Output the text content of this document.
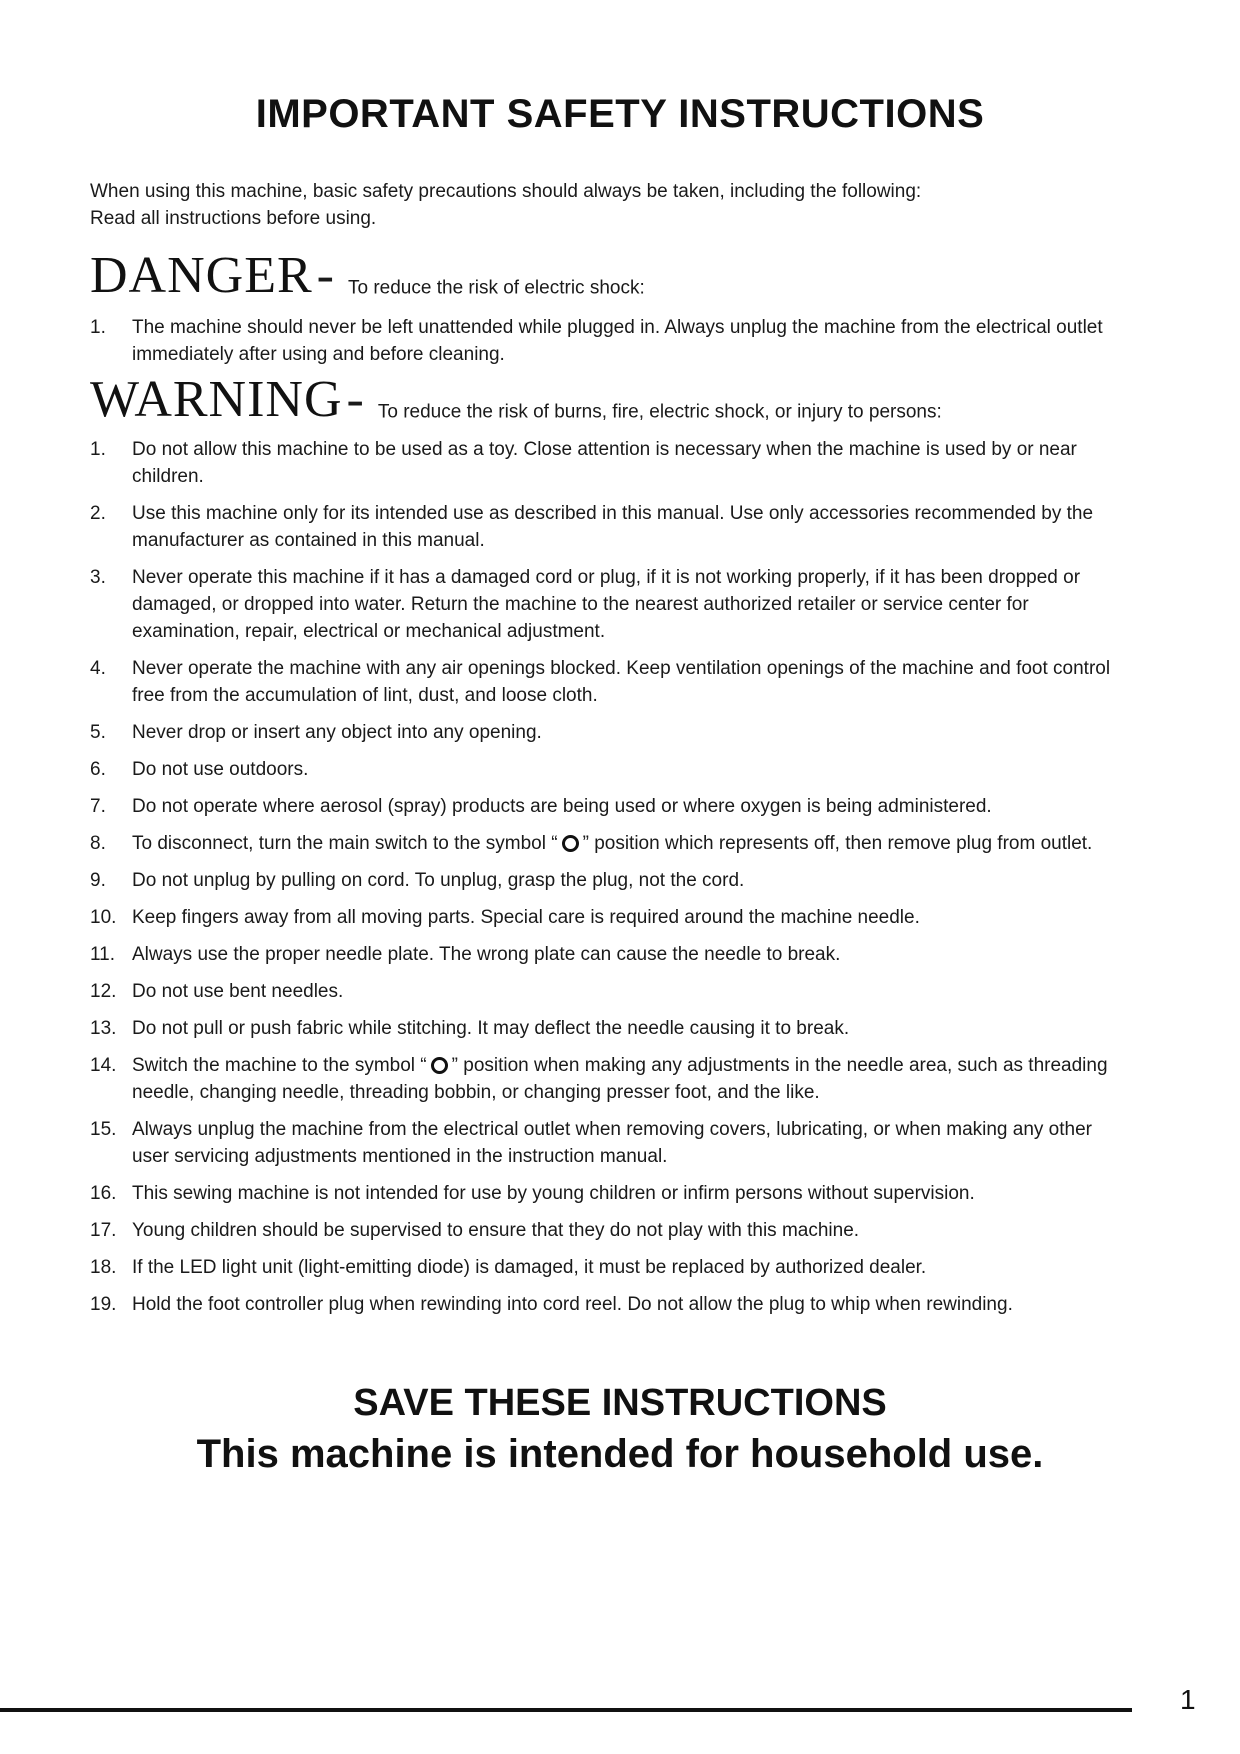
IMPORTANT SAFETY INSTRUCTIONS

When using this machine, basic safety precautions should always be taken, including the following:

Read all instructions before using.

DANGER - To reduce the risk of electric shock:
1.	The machine should never be left unattended while plugged in. Always unplug the machine from the electrical outlet immediately after using and before cleaning.
WARNING - To reduce the risk of burns, fire, electric shock, or injury to persons:
1.	Do not allow this machine to be used as a toy. Close attention is necessary when the machine is used by or near children.
2.	Use this machine only for its intended use as described in this manual. Use only accessories recommended by the manufacturer as contained in this manual.
3.	Never operate this machine if it has a damaged cord or plug, if it is not working properly, if it has been dropped or damaged, or dropped into water. Return the machine to the nearest authorized retailer or service center for examination, repair, electrical or mechanical adjustment.
4.	Never operate the machine with any air openings blocked. Keep ventilation openings of the machine and foot control free from the accumulation of lint, dust, and loose cloth.
5.	Never drop or insert any object into any opening.
6.	Do not use outdoors.
7.	Do not operate where aerosol (spray) products are being used or where oxygen is being administered.
8.	To disconnect, turn the main switch to the symbol “ ” position which represents off, then remove plug from outlet.
9.	Do not unplug by pulling on cord. To unplug, grasp the plug, not the cord.
10. Keep fingers away from all moving parts. Special care is required around the machine needle.
11. Always use the proper needle plate. The wrong plate can cause the needle to break.
12. Do not use bent needles.
13. Do not pull or push fabric while stitching. It may deflect the needle causing it to break.
14. Switch the machine to the symbol “ ” position when making any adjustments in the needle area, such as threading needle, changing needle, threading bobbin, or changing presser foot, and the like.
15. Always unplug the machine from the electrical outlet when removing covers, lubricating, or when making any other user servicing adjustments mentioned in the instruction manual.
16. This sewing machine is not intended for use by young children or infirm persons without supervision.
17. Young children should be supervised to ensure that they do not play with this machine.
18. If the LED light unit (light-emitting diode) is damaged, it must be replaced by authorized dealer.
19. Hold the foot controller plug when rewinding into cord reel. Do not allow the plug to whip when rewinding.
SAVE THESE INSTRUCTIONS
This machine is intended for household use.
1
